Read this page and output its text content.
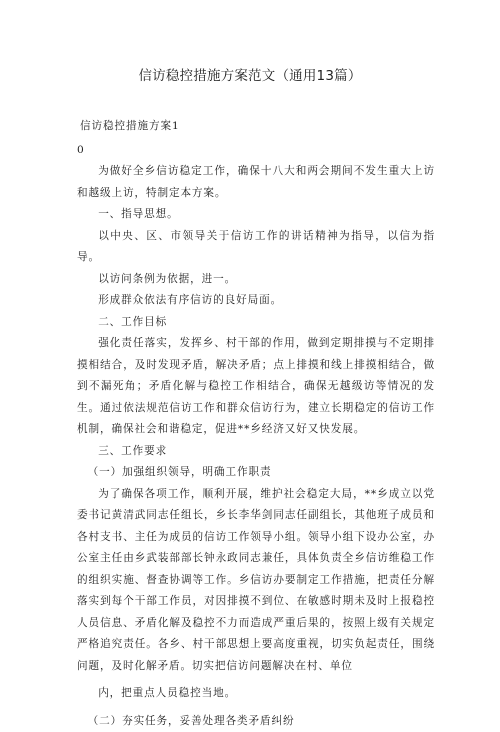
信访稳控措施方案范文（通用13篇）

信访稳控措施方案1

0

为做好全乡信访稳定工作，确保十八大和两会期间不发生重大上访和越级上访，特制定本方案。

一、指导思想。

以中央、区、市领导关于信访工作的讲话精神为指导，以信为指导。

以访问条例为依据，进一。

形成群众依法有序信访的良好局面。

二、工作目标

强化责任落实，发挥乡、村干部的作用，做到定期排摸与不定期排摸相结合，及时发现矛盾，解决矛盾；点上排摸和线上排摸相结合，做到不漏死角；矛盾化解与稳控工作相结合，确保无越级访等情况的发生。通过依法规范信访工作和群众信访行为，建立长期稳定的信访工作机制，确保社会和谐稳定，促进**乡经济又好又快发展。

三、工作要求

（一）加强组织领导，明确工作职责

为了确保各项工作，顺利开展，维护社会稳定大局，**乡成立以党委书记黄清武同志任组长，乡长李华剑同志任副组长，其他班子成员和各村支书、主任为成员的信访工作领导小组。领导小组下设办公室，办公室主任由乡武装部部长钟永政同志兼任，具体负责全乡信访维稳工作的组织实施、督查协调等工作。乡信访办要制定工作措施，把责任分解落实到每个干部工作员，对因排摸不到位、在敏感时期未及时上报稳控人员信息、矛盾化解及稳控不力而造成严重后果的，按照上级有关规定严格追究责任。各乡、村干部思想上要高度重视，切实负起责任，围绕问题，及时化解矛盾。切实把信访问题解决在村、单位

内，把重点人员稳控当地。

（二）夯实任务，妥善处理各类矛盾纠纷
